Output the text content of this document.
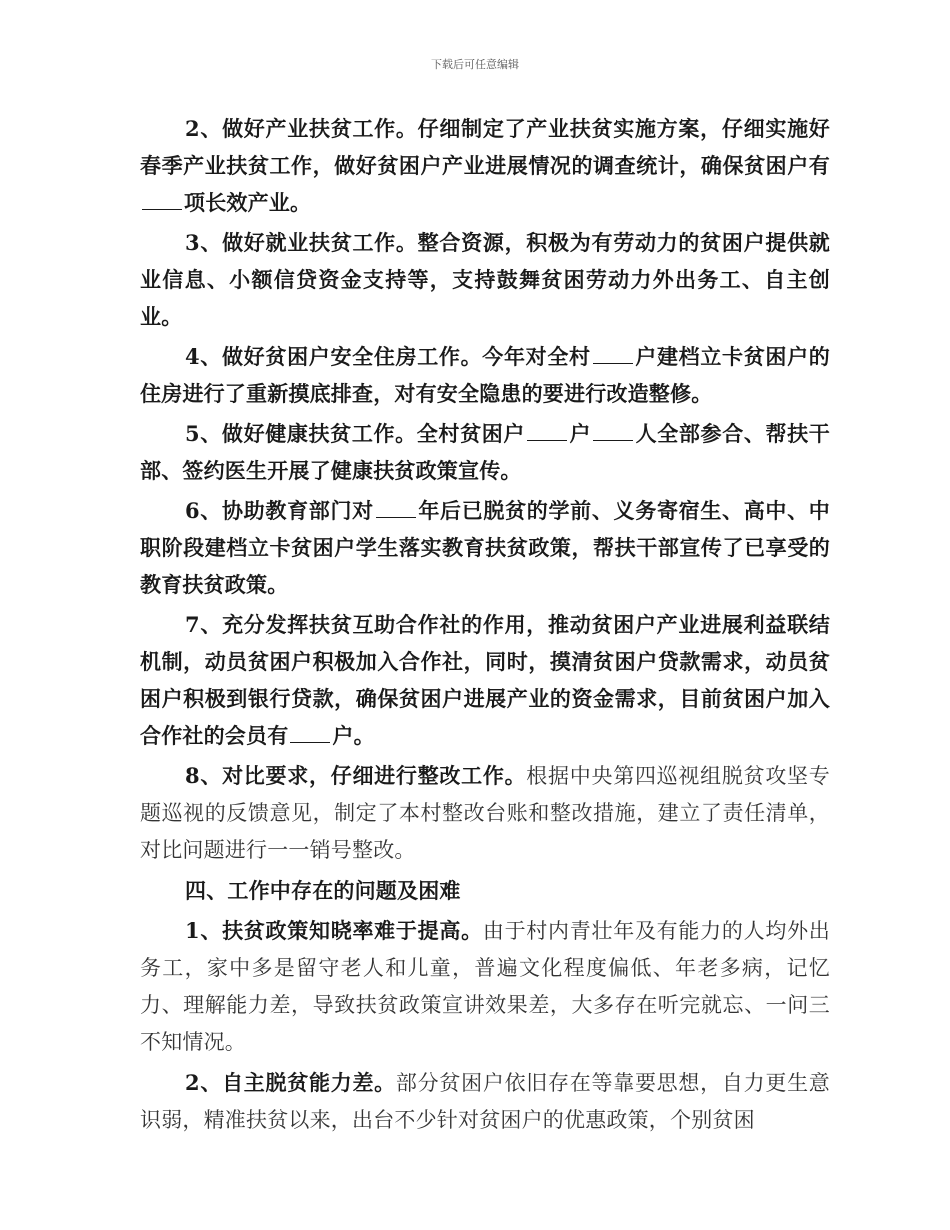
下载后可任意编辑

2、做好产业扶贫工作。仔细制定了产业扶贫实施方案，仔细实施好春季产业扶贫工作，做好贫困户产业进展情况的调查统计，确保贫困户有项长效产业。

3、做好就业扶贫工作。整合资源，积极为有劳动力的贫困户提供就业信息、小额信贷资金支持等，支持鼓舞贫困劳动力外出务工、自主创业。

4、做好贫困户安全住房工作。今年对全村 户建档立卡贫困户的住房进行了重新摸底排查，对有安全隐患的要进行改造整修。

5、做好健康扶贫工作。全村贫困户 户 人全部参合、帮扶干部、签约医生开展了健康扶贫政策宣传。

6、协助教育部门对 年后已脱贫的学前、义务寄宿生、高中、中职阶段建档立卡贫困户学生落实教育扶贫政策，帮扶干部宣传了已享受的教育扶贫政策。

7、充分发挥扶贫互助合作社的作用，推动贫困户产业进展利益联结机制，动员贫困户积极加入合作社，同时，摸清贫困户贷款需求，动员贫困户积极到银行贷款，确保贫困户进展产业的资金需求，目前贫困户加入合作社的会员有 户。

8、对比要求，仔细进行整改工作。根据中央第四巡视组脱贫攻坚专题巡视的反馈意见，制定了本村整改台账和整改措施，建立了责任清单，对比问题进行一一销号整改。

四、工作中存在的问题及困难

1、扶贫政策知晓率难于提高。由于村内青壮年及有能力的人均外出务工，家中多是留守老人和儿童，普遍文化程度偏低、年老多病，记忆力、理解能力差，导致扶贫政策宣讲效果差，大多存在听完就忘、一问三不知情况。

2、自主脱贫能力差。部分贫困户依旧存在等靠要思想，自力更生意识弱，精准扶贫以来，出台不少针对贫困户的优惠政策，个别贫困
